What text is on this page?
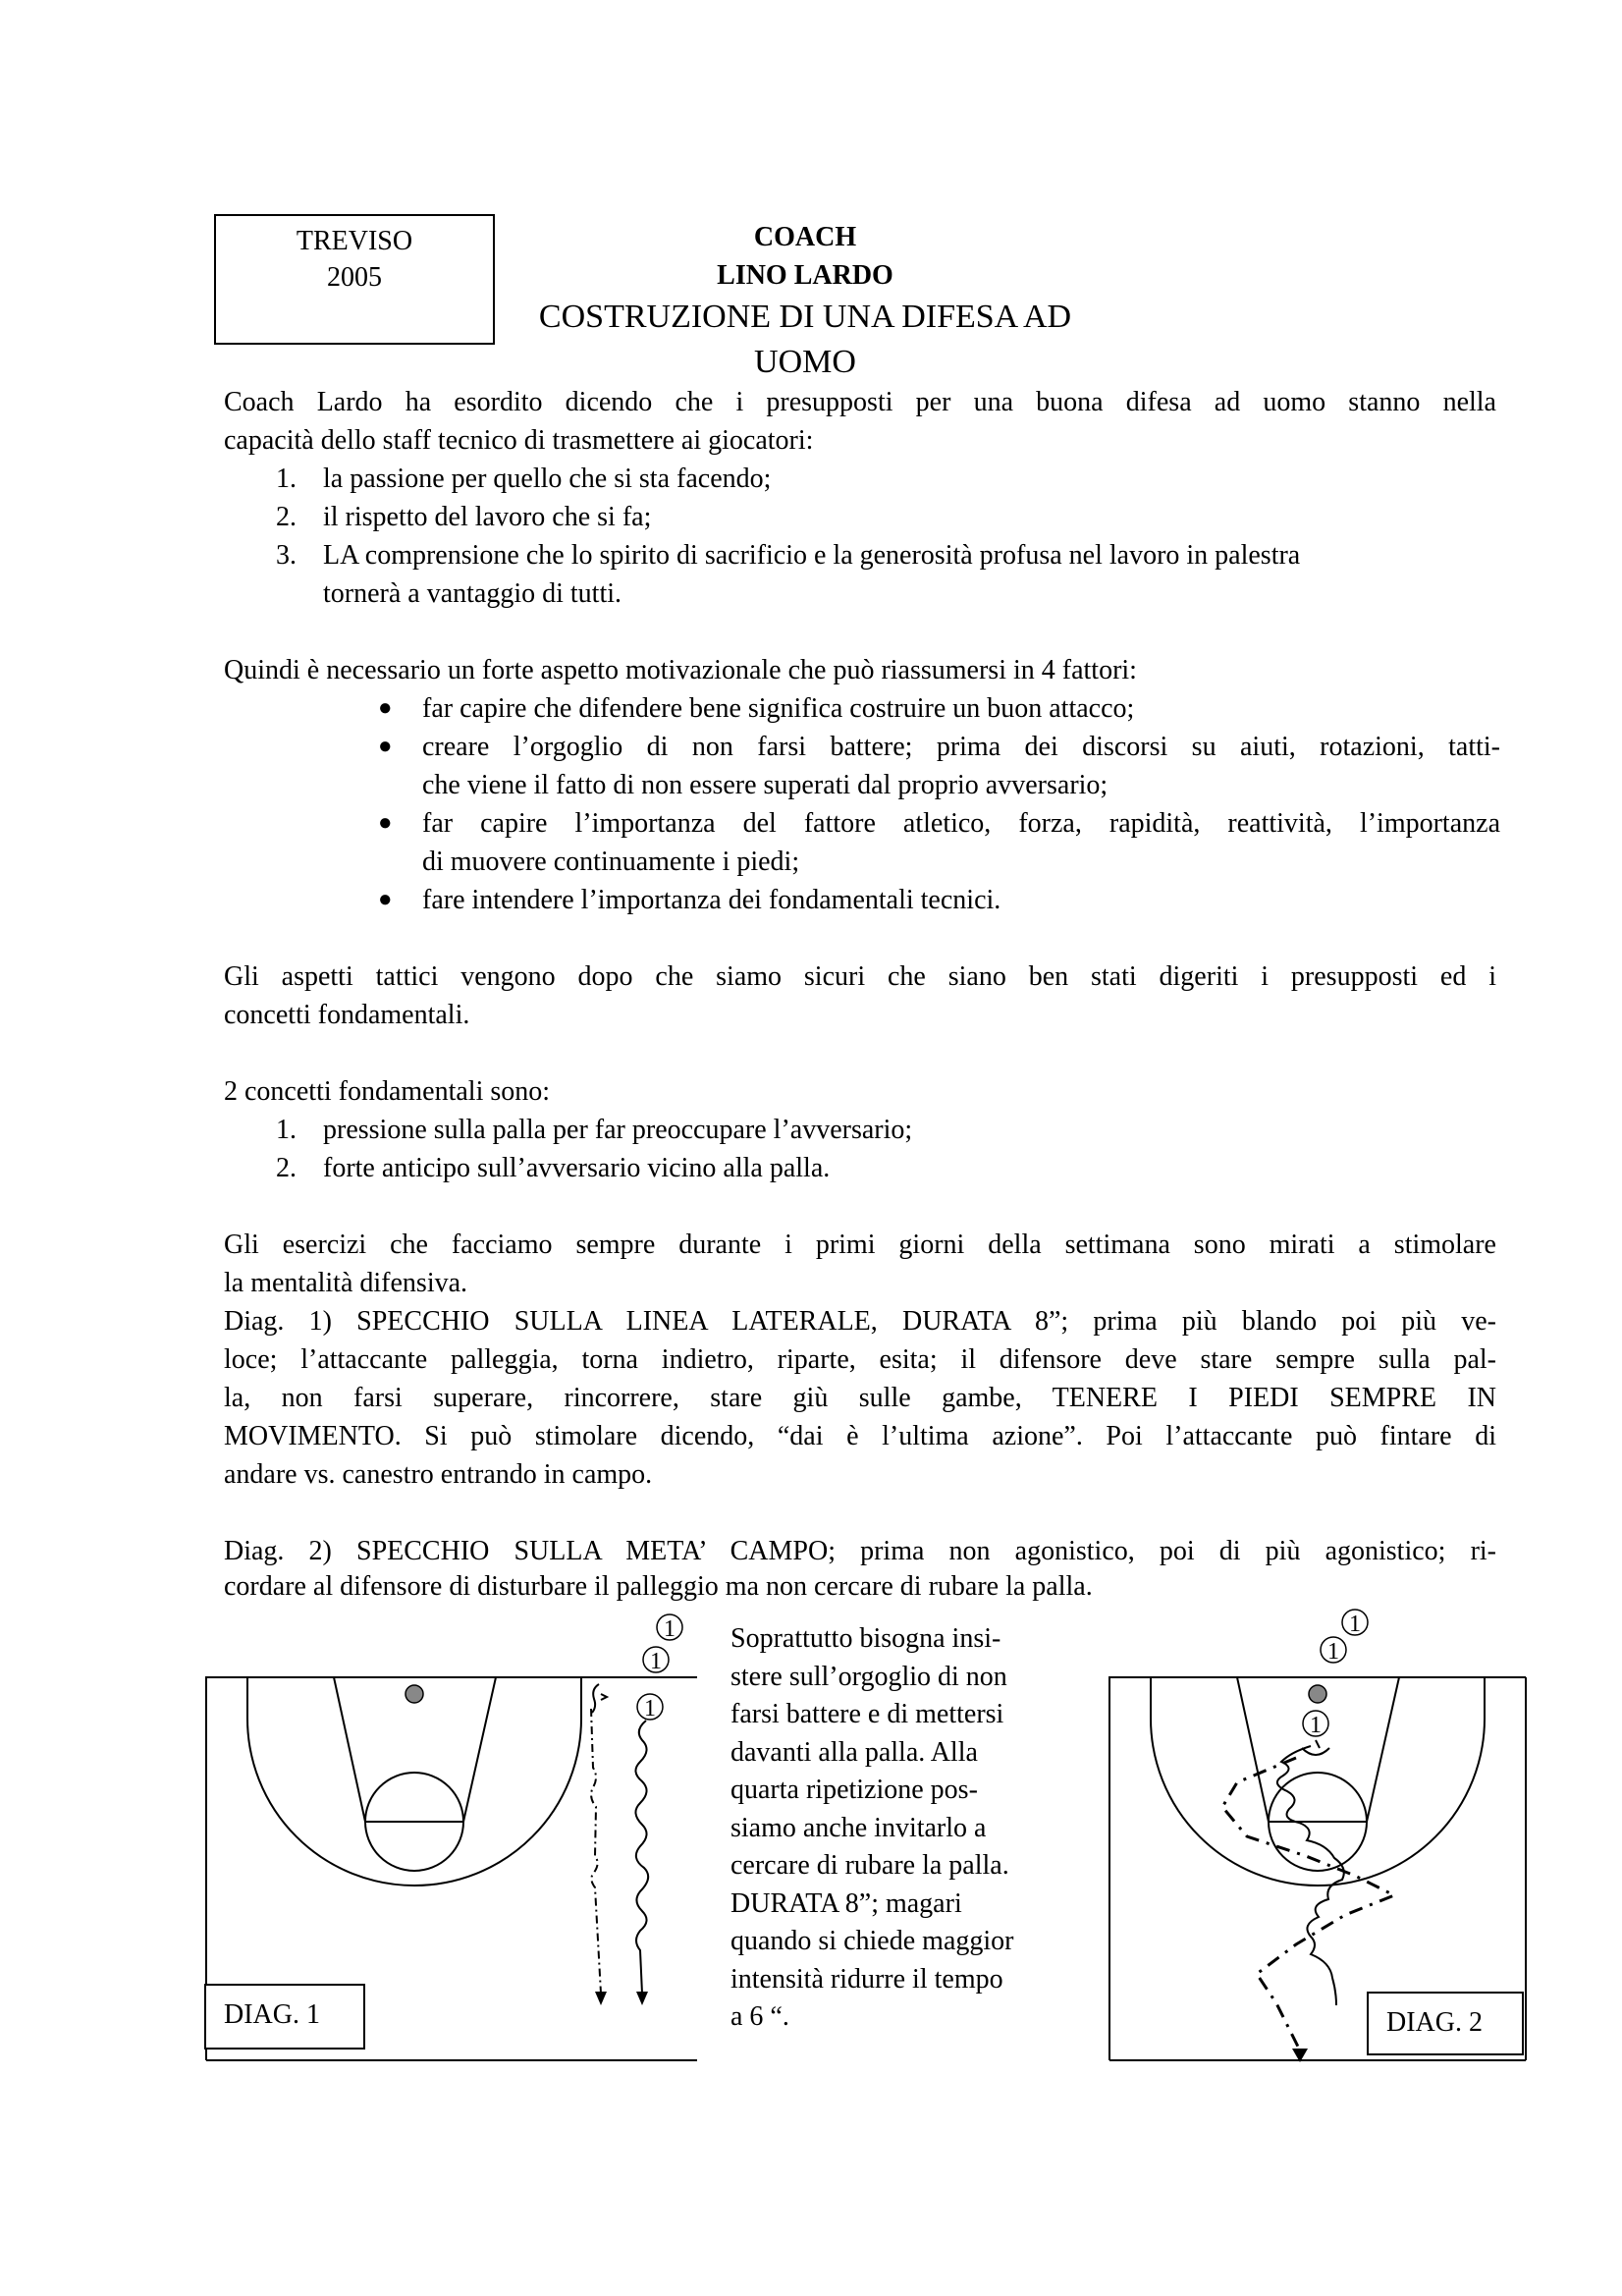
TREVISO
2005
COACH
LINO LARDO
COSTRUZIONE DI UNA DIFESA AD UOMO
Coach Lardo ha esordito dicendo che i presupposti per una buona difesa ad uomo stanno nella
capacità dello staff tecnico di trasmettere ai giocatori:
1. la passione per quello che si sta facendo;
2. il rispetto del lavoro che si fa;
3. LA comprensione che lo spirito di sacrificio e la generosità profusa nel lavoro in palestra
tornerà a vantaggio di tutti.
Quindi è necessario un forte aspetto motivazionale che può riassumersi in 4 fattori:
● far capire che difendere bene significa costruire un buon attacco;
● creare l’orgoglio di non farsi battere; prima dei discorsi su aiuti, rotazioni, tatti-
che viene il fatto di non essere superati dal proprio avversario;
● far capire l’importanza del fattore atletico, forza, rapidità, reattività, l’importanza
di muovere continuamente i piedi;
● fare intendere l’importanza dei fondamentali tecnici.
Gli aspetti tattici vengono dopo che siamo sicuri che siano ben stati digeriti i presupposti ed i
concetti fondamentali.
2 concetti fondamentali sono:
1. pressione sulla palla per far preoccupare l’avversario;
2. forte anticipo sull’avversario vicino alla palla.
Gli esercizi che facciamo sempre durante i primi giorni della settimana sono mirati a stimolare
la mentalità difensiva.
Diag. 1) SPECCHIO SULLA LINEA LATERALE, DURATA 8”; prima più blando poi più ve-
loce; l’attaccante palleggia, torna indietro, riparte, esita; il difensore deve stare sempre sulla pal-
la, non farsi superare, rincorrere, stare giù sulle gambe, TENERE I PIEDI SEMPRE IN
MOVIMENTO. Si può stimolare dicendo, “dai è l’ultima azione”. Poi l’attaccante può fintare di
andare vs. canestro entrando in campo.
Diag. 2) SPECCHIO SULLA META’ CAMPO; prima non agonistico, poi di più agonistico; ri-
cordare al difensore di disturbare il palleggio ma non cercare di rubare la palla.
1
1
1
DIAG. 1
Soprattutto bisogna insi-
stere sull’orgoglio di non
farsi battere e di mettersi
davanti alla palla. Alla
quarta ripetizione pos-
siamo anche invitarlo a
cercare di rubare la palla.
DURATA 8”; magari
quando si chiede maggior
intensità ridurre il tempo
a 6 “.
1
1
1
DIAG. 2
